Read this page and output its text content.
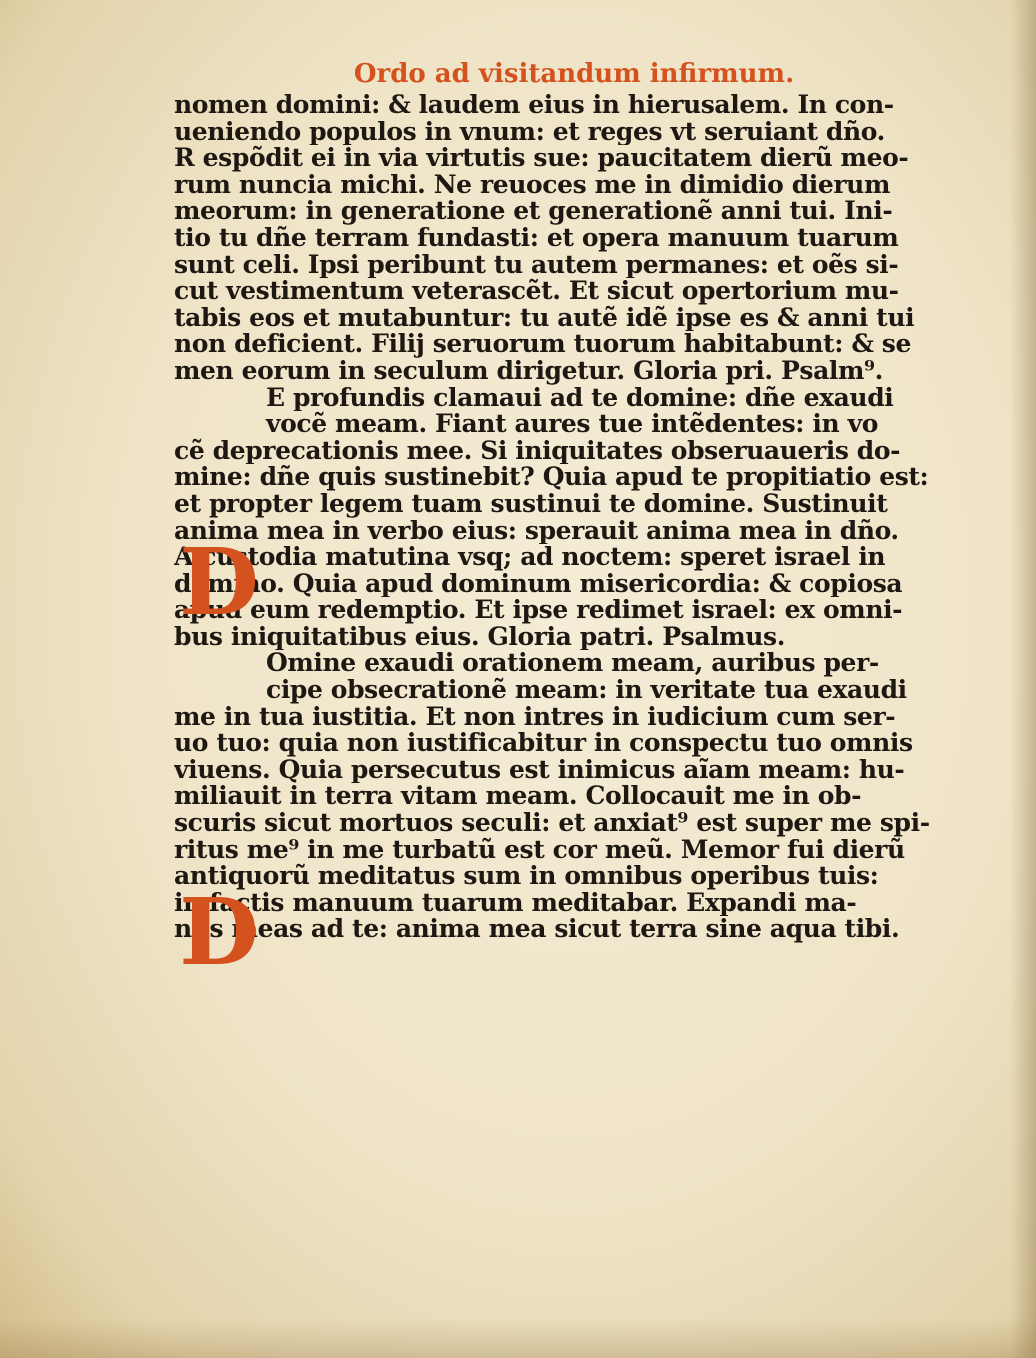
Ordo ad visitandum infirmum.
nomen domini: & laudem eius in hierusalem. In con-
ueniendo populos in vnum: et reges vt seruiant dño.
R espõdit ei in via virtutis sue: paucitatem dierũ meo-
rum nuncia michi. Ne reuoces me in dimidio dierum
meorum: in generatione et generationẽ anni tui. Ini-
tio tu dñe terram fundasti: et opera manuum tuarum
sunt celi. Ipsi peribunt tu autem permanes: et oẽs si-
cut vestimentum veterascẽt. Et sicut opertorium mu-
tabis eos et mutabuntur: tu autẽ idẽ ipse es & anni tui
non deficient. Filij seruorum tuorum habitabunt: & se
men eorum in seculum dirigetur. Gloria pri. Psalm⁹.
D
E profundis clamaui ad te domine: dñe exaudi
vocẽ meam. Fiant aures tue intẽdentes: in vo
cẽ deprecationis mee. Si iniquitates obseruaueris do-
mine: dñe quis sustinebit? Quia apud te propitiatio est:
et propter legem tuam sustinui te domine. Sustinuit
anima mea in verbo eius: sperauit anima mea in dño.
A custodia matutina vsq; ad noctem: speret israel in
domino. Quia apud dominum misericordia: & copiosa
apud eum redemptio. Et ipse redimet israel: ex omni-
bus iniquitatibus eius. Gloria patri. Psalmus.
D
Omine exaudi orationem meam, auribus per-
cipe obsecrationẽ meam: in veritate tua exaudi
me in tua iustitia. Et non intres in iudicium cum ser-
uo tuo: quia non iustificabitur in conspectu tuo omnis
viuens. Quia persecutus est inimicus aĩam meam: hu-
miliauit in terra vitam meam. Collocauit me in ob-
scuris sicut mortuos seculi: et anxiat⁹ est super me spi-
ritus me⁹ in me turbatũ est cor meũ. Memor fui dierũ
antiquorũ meditatus sum in omnibus operibus tuis:
in factis manuum tuarum meditabar. Expandi ma-
nus meas ad te: anima mea sicut terra sine aqua tibi.
